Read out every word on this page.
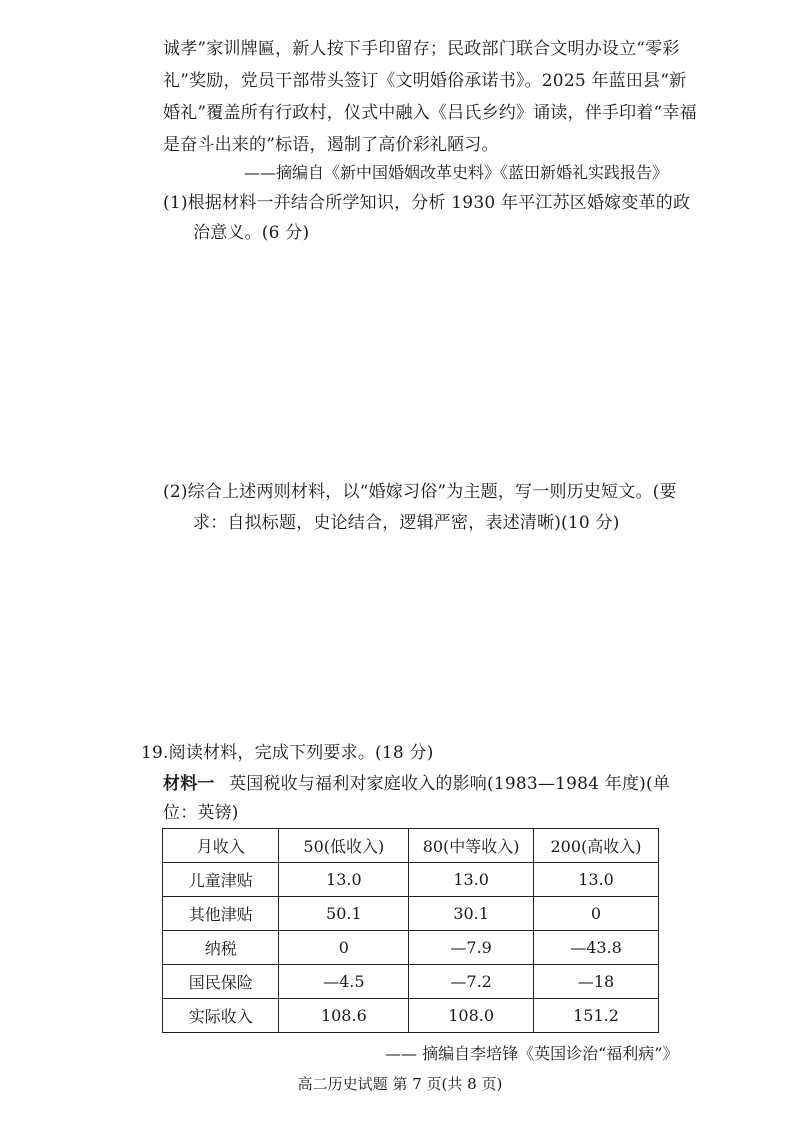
诚孝”家训牌匾，新人按下手印留存；民政部门联合文明办设立“零彩
礼”奖励，党员干部带头签订《文明婚俗承诺书》。2025 年蓝田县“新
婚礼”覆盖所有行政村，仪式中融入《吕氏乡约》诵读，伴手印着“幸福
是奋斗出来的”标语，遏制了高价彩礼陋习。
——摘编自《新中国婚姻改革史料》《蓝田新婚礼实践报告》
(1)根据材料一并结合所学知识，分析 1930 年平江苏区婚嫁变革的政
治意义。(6 分)
(2)综合上述两则材料，以“婚嫁习俗”为主题，写一则历史短文。(要
求：自拟标题，史论结合，逻辑严密，表述清晰)(10 分)
19.阅读材料，完成下列要求。(18 分)
材料一 英国税收与福利对家庭收入的影响(1983—1984 年度)(单
位：英镑)
月收入	50(低收入)	80(中等收入)	200(高收入)
儿童津贴	13.0	13.0	13.0
其他津贴	50.1	30.1	0
纳税	0	—7.9	—43.8
国民保险	—4.5	—7.2	—18
实际收入	108.6	108.0	151.2
—— 摘编自李培锋《英国诊治“福利病”》
高二历史试题 第 7 页(共 8 页)
